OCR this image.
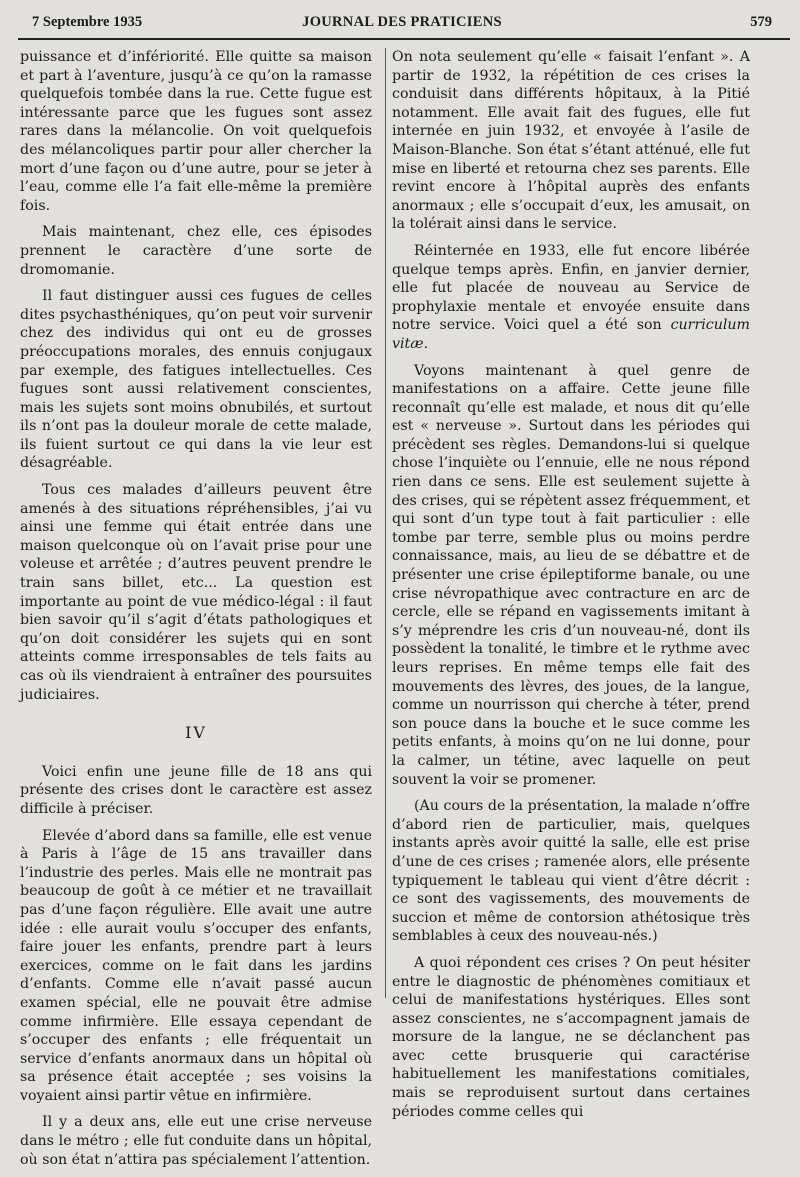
7 Septembre 1935	JOURNAL DES PRATICIENS	579

puissance et d’infériorité. Elle quitte sa maison et part à l’aventure, jusqu’à ce qu’on la ramasse quelquefois tombée dans la rue. Cette fugue est intéressante parce que les fugues sont assez rares dans la mélancolie. On voit quelquefois des mélancoliques partir pour aller chercher la mort d’une façon ou d’une autre, pour se jeter à l’eau, comme elle l’a fait elle-même la première fois.

Mais maintenant, chez elle, ces épisodes prennent le caractère d’une sorte de dromomanie.

Il faut distinguer aussi ces fugues de celles dites psychasthéniques, qu’on peut voir survenir chez des individus qui ont eu de grosses préoccupations morales, des ennuis conjugaux par exemple, des fatigues intellectuelles. Ces fugues sont aussi relativement conscientes, mais les sujets sont moins obnubilés, et surtout ils n’ont pas la douleur morale de cette malade, ils fuient surtout ce qui dans la vie leur est désagréable.

Tous ces malades d’ailleurs peuvent être amenés à des situations répréhensibles, j’ai vu ainsi une femme qui était entrée dans une maison quelconque où on l’avait prise pour une voleuse et arrêtée ; d’autres peuvent prendre le train sans billet, etc... La question est importante au point de vue médico-légal : il faut bien savoir qu’il s’agit d’états pathologiques et qu’on doit considérer les sujets qui en sont atteints comme irresponsables de tels faits au cas où ils viendraient à entraîner des poursuites judiciaires.

IV

Voici enfin une jeune fille de 18 ans qui présente des crises dont le caractère est assez difficile à préciser.

Elevée d’abord dans sa famille, elle est venue à Paris à l’âge de 15 ans travailler dans l’industrie des perles. Mais elle ne montrait pas beaucoup de goût à ce métier et ne travaillait pas d’une façon régulière. Elle avait une autre idée : elle aurait voulu s’occuper des enfants, faire jouer les enfants, prendre part à leurs exercices, comme on le fait dans les jardins d’enfants. Comme elle n’avait passé aucun examen spécial, elle ne pouvait être admise comme infirmière. Elle essaya cependant de s’occuper des enfants ; elle fréquentait un service d’enfants anormaux dans un hôpital où sa présence était acceptée ; ses voisins la voyaient ainsi partir vêtue en infirmière.

Il y a deux ans, elle eut une crise nerveuse dans le métro ; elle fut conduite dans un hôpital, où son état n’attira pas spécialement l’attention.

On nota seulement qu’elle « faisait l’enfant ». A partir de 1932, la répétition de ces crises la conduisit dans différents hôpitaux, à la Pitié notamment. Elle avait fait des fugues, elle fut internée en juin 1932, et envoyée à l’asile de Maison-Blanche. Son état s’étant atténué, elle fut mise en liberté et retourna chez ses parents. Elle revint encore à l’hôpital auprès des enfants anormaux ; elle s’occupait d’eux, les amusait, on la tolérait ainsi dans le service.

Réinternée en 1933, elle fut encore libérée quelque temps après. Enfin, en janvier dernier, elle fut placée de nouveau au Service de prophylaxie mentale et envoyée ensuite dans notre service. Voici quel a été son curriculum vitæ.

Voyons maintenant à quel genre de manifestations on a affaire. Cette jeune fille reconnaît qu’elle est malade, et nous dit qu’elle est « nerveuse ». Surtout dans les périodes qui précèdent ses règles. Demandons-lui si quelque chose l’inquiète ou l’ennuie, elle ne nous répond rien dans ce sens. Elle est seulement sujette à des crises, qui se répètent assez fréquemment, et qui sont d’un type tout à fait particulier : elle tombe par terre, semble plus ou moins perdre connaissance, mais, au lieu de se débattre et de présenter une crise épileptiforme banale, ou une crise névropathique avec contracture en arc de cercle, elle se répand en vagissements imitant à s’y méprendre les cris d’un nouveau-né, dont ils possèdent la tonalité, le timbre et le rythme avec leurs reprises. En même temps elle fait des mouvements des lèvres, des joues, de la langue, comme un nourrisson qui cherche à téter, prend son pouce dans la bouche et le suce comme les petits enfants, à moins qu’on ne lui donne, pour la calmer, un tétine, avec laquelle on peut souvent la voir se promener.

(Au cours de la présentation, la malade n’offre d’abord rien de particulier, mais, quelques instants après avoir quitté la salle, elle est prise d’une de ces crises ; ramenée alors, elle présente typiquement le tableau qui vient d’être décrit : ce sont des vagissements, des mouvements de succion et même de contorsion athétosique très semblables à ceux des nouveau-nés.)

A quoi répondent ces crises ? On peut hésiter entre le diagnostic de phénomènes comitiaux et celui de manifestations hystériques. Elles sont assez conscientes, ne s’accompagnent jamais de morsure de la langue, ne se déclanchent pas avec cette brusquerie qui caractérise habituellement les manifestations comitiales, mais se reproduisent surtout dans certaines périodes comme celles qui
